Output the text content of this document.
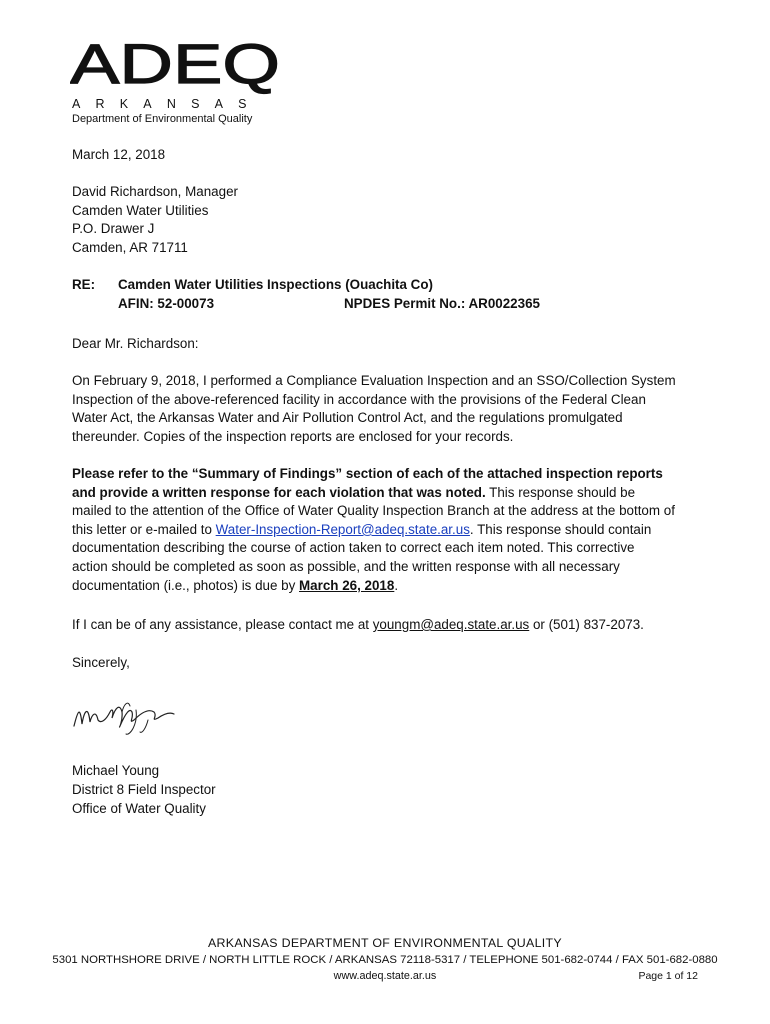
ADEQ
ARKANSAS
Department of Environmental Quality
March 12, 2018
David Richardson, Manager
Camden Water Utilities
P.O. Drawer J
Camden, AR 71711
RE: Camden Water Utilities Inspections (Ouachita Co)
AFIN: 52-00073	NPDES Permit No.: AR0022365
Dear Mr. Richardson:
On February 9, 2018, I performed a Compliance Evaluation Inspection and an SSO/Collection System
Inspection of the above-referenced facility in accordance with the provisions of the Federal Clean
Water Act, the Arkansas Water and Air Pollution Control Act, and the regulations promulgated
thereunder. Copies of the inspection reports are enclosed for your records.
Please refer to the “Summary of Findings” section of each of the attached inspection reports
and provide a written response for each violation that was noted. This response should be
mailed to the attention of the Office of Water Quality Inspection Branch at the address at the bottom of
this letter or e-mailed to Water-Inspection-Report@adeq.state.ar.us. This response should contain
documentation describing the course of action taken to correct each item noted. This corrective
action should be completed as soon as possible, and the written response with all necessary
documentation (i.e., photos) is due by March 26, 2018.
If I can be of any assistance, please contact me at youngm@adeq.state.ar.us or (501) 837-2073.
Sincerely,
Michael Young
District 8 Field Inspector
Office of Water Quality
ARKANSAS DEPARTMENT OF ENVIRONMENTAL QUALITY
5301 NORTHSHORE DRIVE / NORTH LITTLE ROCK / ARKANSAS 72118-5317 / TELEPHONE 501-682-0744 / FAX 501-682-0880
www.adeq.state.ar.us	Page 1 of 12
